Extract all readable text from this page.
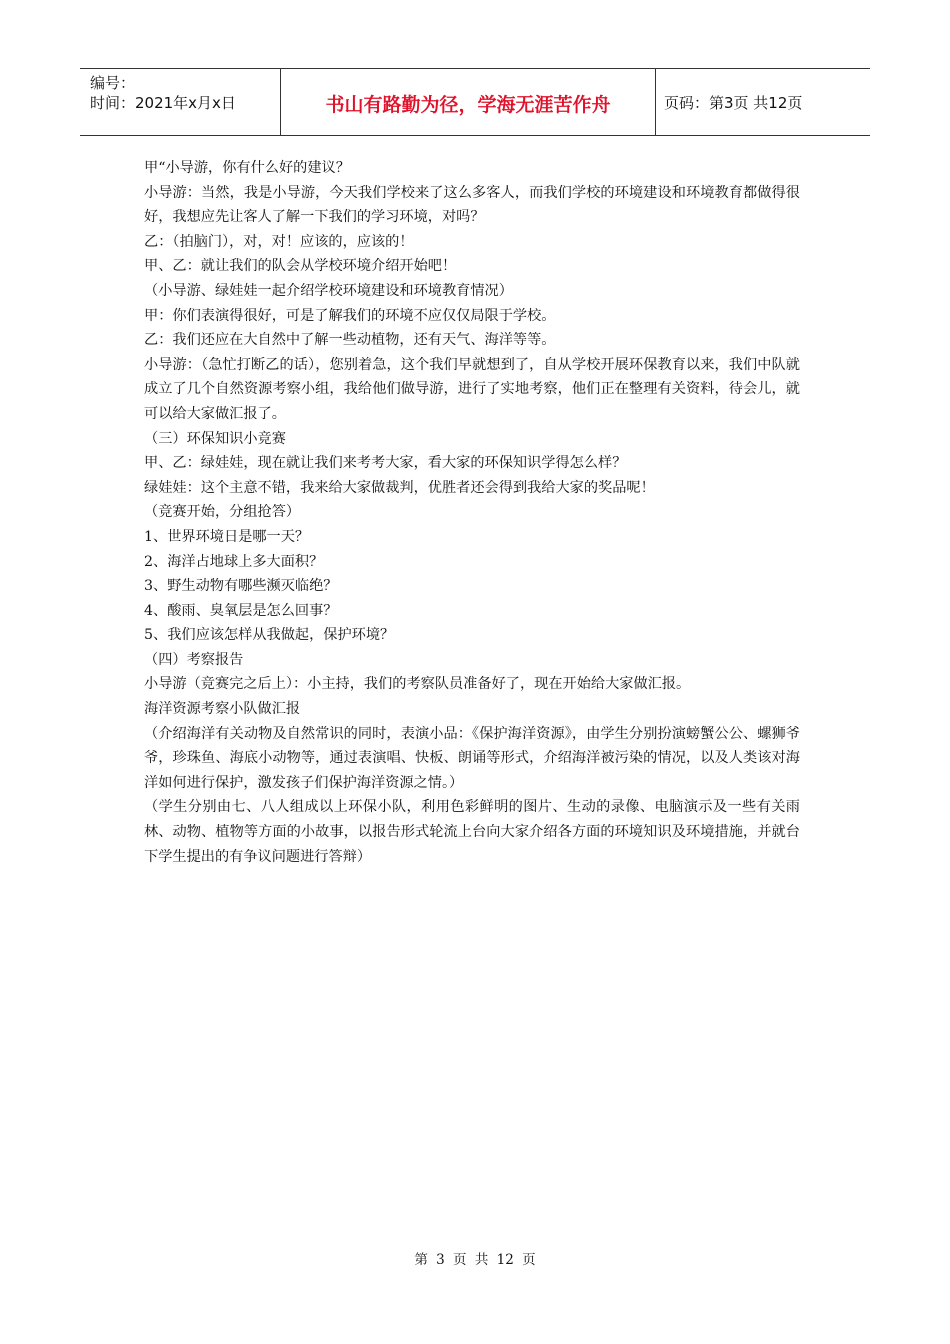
编号：
时间：2021年x月x日	书山有路勤为径，学海无涯苦作舟	页码：第3页 共12页

甲“小导游，你有什么好的建议？

小导游：当然，我是小导游，今天我们学校来了这么多客人，而我们学校的环境建设和环境教育都做得很好，我想应先让客人了解一下我们的学习环境，对吗？

乙：（拍脑门），对，对！应该的，应该的！

甲、乙：就让我们的队会从学校环境介绍开始吧！

（小导游、绿娃娃一起介绍学校环境建设和环境教育情况）

甲：你们表演得很好，可是了解我们的环境不应仅仅局限于学校。

乙：我们还应在大自然中了解一些动植物，还有天气、海洋等等。

小导游：（急忙打断乙的话），您别着急，这个我们早就想到了，自从学校开展环保教育以来，我们中队就成立了几个自然资源考察小组，我给他们做导游，进行了实地考察，他们正在整理有关资料，待会儿，就可以给大家做汇报了。

（三）环保知识小竞赛

甲、乙：绿娃娃，现在就让我们来考考大家，看大家的环保知识学得怎么样？

绿娃娃：这个主意不错，我来给大家做裁判，优胜者还会得到我给大家的奖品呢！

（竞赛开始，分组抢答）

1、世界环境日是哪一天？

2、海洋占地球上多大面积？

3、野生动物有哪些濒灭临绝？

4、酸雨、臭氧层是怎么回事？

5、我们应该怎样从我做起，保护环境？

（四）考察报告

小导游（竞赛完之后上）：小主持，我们的考察队员准备好了，现在开始给大家做汇报。

海洋资源考察小队做汇报

（介绍海洋有关动物及自然常识的同时，表演小品：《保护海洋资源》，由学生分别扮演螃蟹公公、螺狮爷爷，珍珠鱼、海底小动物等，通过表演唱、快板、朗诵等形式，介绍海洋被污染的情况，以及人类该对海洋如何进行保护，激发孩子们保护海洋资源之情。）

（学生分别由七、八人组成以上环保小队，利用色彩鲜明的图片、生动的录像、电脑演示及一些有关雨林、动物、植物等方面的小故事，以报告形式轮流上台向大家介绍各方面的环境知识及环境措施，并就台下学生提出的有争议问题进行答辩）

第 3 页 共 12 页
